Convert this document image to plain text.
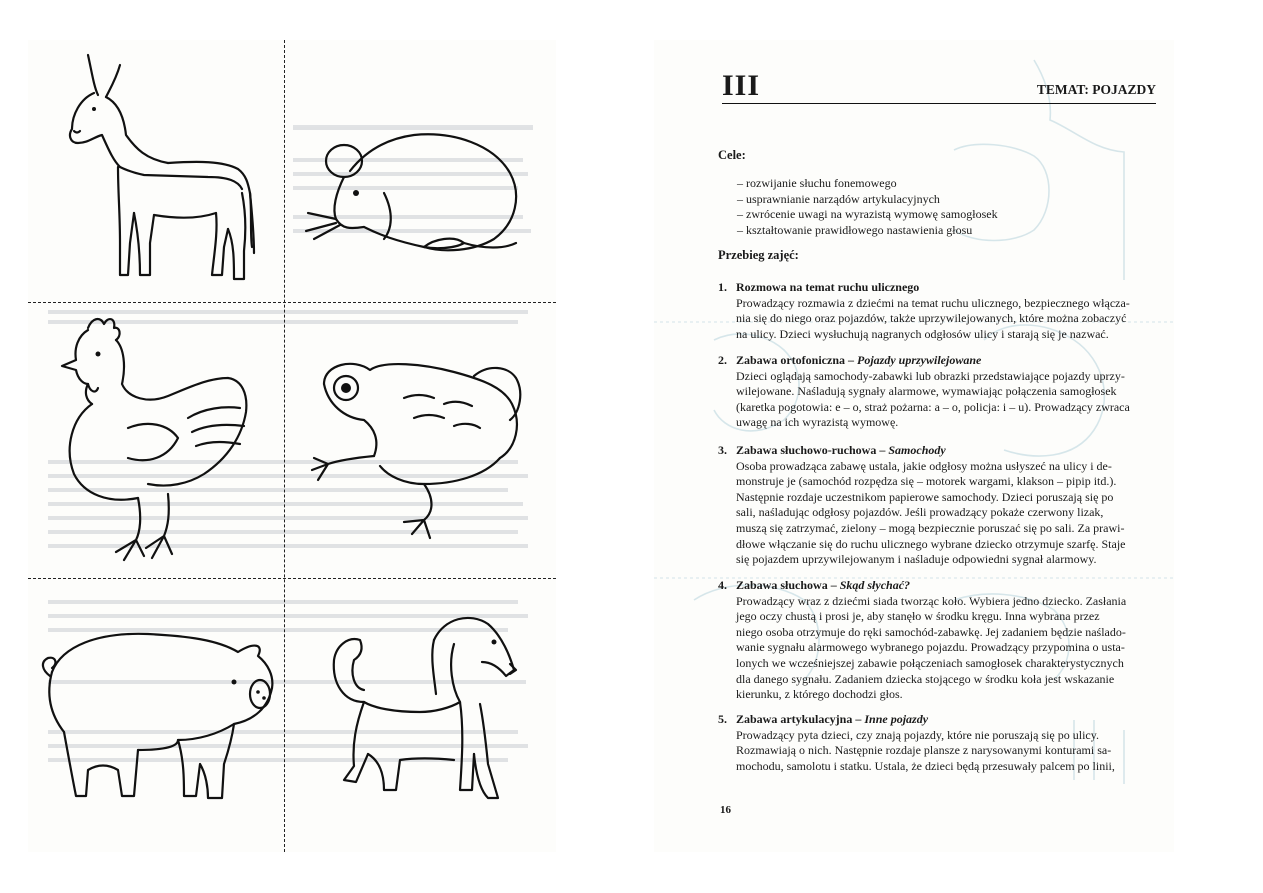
III	TEMAT: POJAZDY
Cele:
– rozwijanie słuchu fonemowego
– usprawnianie narządów artykulacyjnych
– zwrócenie uwagi na wyrazistą wymowę samogłosek
– kształtowanie prawidłowego nastawienia głosu
Przebieg zajęć:
1. Rozmowa na temat ruchu ulicznego
Prowadzący rozmawia z dziećmi na temat ruchu ulicznego, bezpiecznego włącza-
nia się do niego oraz pojazdów, także uprzywilejowanych, które można zobaczyć
na ulicy. Dzieci wysłuchują nagranych odgłosów ulicy i starają się je nazwać.
2. Zabawa ortofoniczna – Pojazdy uprzywilejowane
Dzieci oglądają samochody-zabawki lub obrazki przedstawiające pojazdy uprzy-
wilejowane. Naśladują sygnały alarmowe, wymawiając połączenia samogłosek
(karetka pogotowia: e – o, straż pożarna: a – o, policja: i – u). Prowadzący zwraca
uwagę na ich wyrazistą wymowę.
3. Zabawa słuchowo-ruchowa – Samochody
Osoba prowadząca zabawę ustala, jakie odgłosy można usłyszeć na ulicy i de-
monstruje je (samochód rozpędza się – motorek wargami, klakson – pipip itd.).
Następnie rozdaje uczestnikom papierowe samochody. Dzieci poruszają się po
sali, naśladując odgłosy pojazdów. Jeśli prowadzący pokaże czerwony lizak,
muszą się zatrzymać, zielony – mogą bezpiecznie poruszać się po sali. Za prawi-
dłowe włączanie się do ruchu ulicznego wybrane dziecko otrzymuje szarfę. Staje
się pojazdem uprzywilejowanym i naśladuje odpowiedni sygnał alarmowy.
4. Zabawa słuchowa – Skąd słychać?
Prowadzący wraz z dziećmi siada tworząc koło. Wybiera jedno dziecko. Zasłania
jego oczy chustą i prosi je, aby stanęło w środku kręgu. Inna wybrana przez
niego osoba otrzymuje do ręki samochód-zabawkę. Jej zadaniem będzie naślado-
wanie sygnału alarmowego wybranego pojazdu. Prowadzący przypomina o usta-
lonych we wcześniejszej zabawie połączeniach samogłosek charakterystycznych
dla danego sygnału. Zadaniem dziecka stojącego w środku koła jest wskazanie
kierunku, z którego dochodzi głos.
5. Zabawa artykulacyjna – Inne pojazdy
Prowadzący pyta dzieci, czy znają pojazdy, które nie poruszają się po ulicy.
Rozmawiają o nich. Następnie rozdaje plansze z narysowanymi konturami sa-
mochodu, samolotu i statku. Ustala, że dzieci będą przesuwały palcem po linii,
16
